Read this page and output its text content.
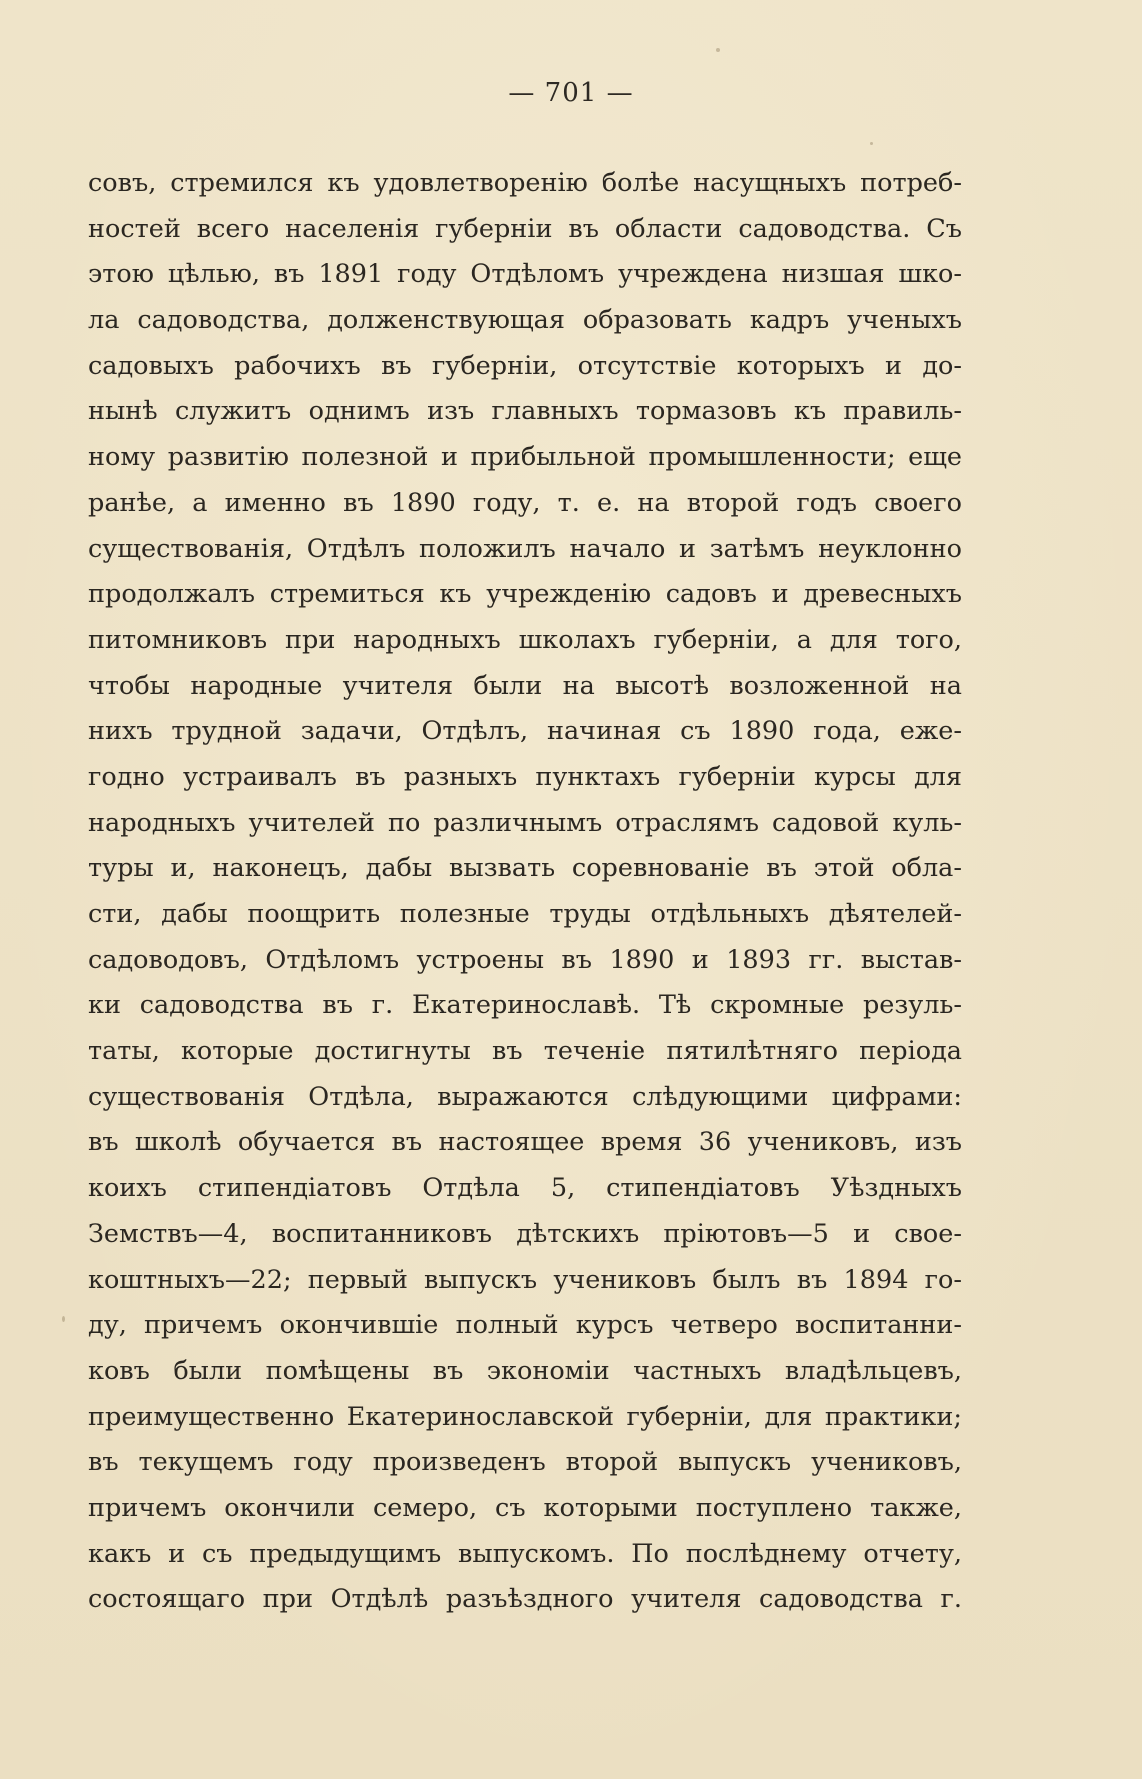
— 701 —
совъ, стремился къ удовлетворенію болѣе насущныхъ потреб-
ностей всего населенія губерніи въ области садоводства. Съ
этою цѣлью, въ 1891 году Отдѣломъ учреждена низшая шко-
ла садоводства, долженствующая образовать кадръ ученыхъ
садовыхъ рабочихъ въ губерніи, отсутствіе которыхъ и до-
нынѣ служитъ однимъ изъ главныхъ тормазовъ къ правиль-
ному развитію полезной и прибыльной промышленности; еще
ранѣе, а именно въ 1890 году, т. е. на второй годъ своего
существованія, Отдѣлъ положилъ начало и затѣмъ неуклонно
продолжалъ стремиться къ учрежденію садовъ и древесныхъ
питомниковъ при народныхъ школахъ губерніи, а для того,
чтобы народные учителя были на высотѣ возложенной на
нихъ трудной задачи, Отдѣлъ, начиная съ 1890 года, еже-
годно устраивалъ въ разныхъ пунктахъ губерніи курсы для
народныхъ учителей по различнымъ отраслямъ садовой куль-
туры и, наконецъ, дабы вызвать соревнованіе въ этой обла-
сти, дабы поощрить полезные труды отдѣльныхъ дѣятелей-
садоводовъ, Отдѣломъ устроены въ 1890 и 1893 гг. выстав-
ки садоводства въ г. Екатеринославѣ. Тѣ скромные резуль-
таты, которые достигнуты въ теченіе пятилѣтняго періода
существованія Отдѣла, выражаются слѣдующими цифрами:
въ школѣ обучается въ настоящее время 36 учениковъ, изъ
коихъ стипендіатовъ Отдѣла 5, стипендіатовъ Уѣздныхъ
Земствъ—4, воспитанниковъ дѣтскихъ пріютовъ—5 и свое-
коштныхъ—22; первый выпускъ учениковъ былъ въ 1894 го-
ду, причемъ окончившіе полный курсъ четверо воспитанни-
ковъ были помѣщены въ экономіи частныхъ владѣльцевъ,
преимущественно Екатеринославской губерніи, для практики;
въ текущемъ году произведенъ второй выпускъ учениковъ,
причемъ окончили семеро, съ которыми поступлено также,
какъ и съ предыдущимъ выпускомъ. По послѣднему отчету,
состоящаго при Отдѣлѣ разъѣздного учителя садоводства г.
